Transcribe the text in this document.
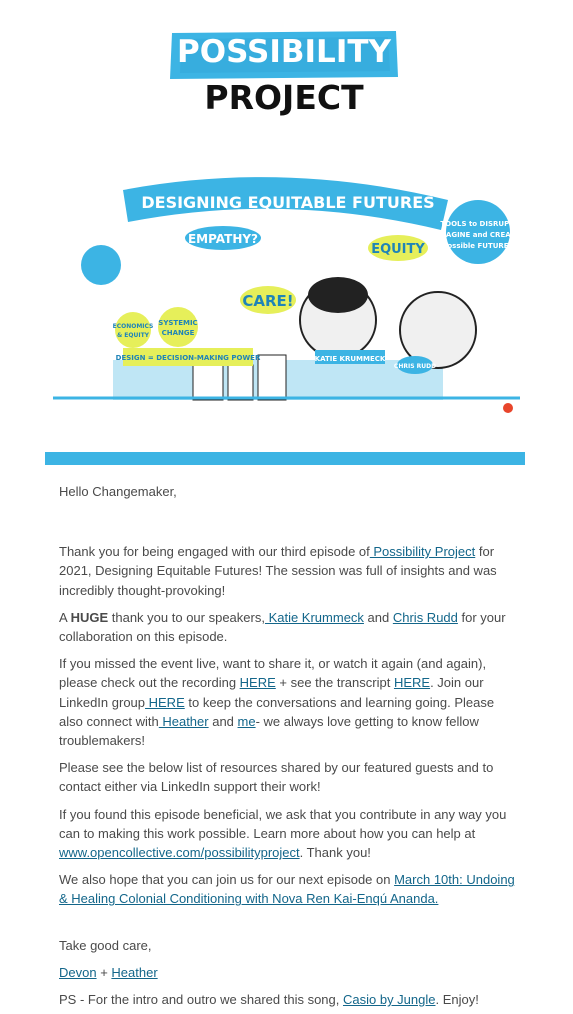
POSSIBILITY
PROJECT
DESIGNING EQUITABLE FUTURES
EMPATHY?
EQUITY
CARE!
TOOLS to DISRUPT,
IMAGINE and CREATE
possible FUTURES
ECONOMICS
& EQUITY
SYSTEMIC
CHANGE
DESIGN = DECISION-MAKING POWER	KATIE KRUMMECK
CHRIS RUDD

Hello Changemaker,

Thank you for being engaged with our third episode of Possibility Project for 2021, Designing Equitable Futures! The session was full of insights and was incredibly thought-provoking!

A HUGE thank you to our speakers, Katie Krummeck and Chris Rudd for your collaboration on this episode.

If you missed the event live, want to share it, or watch it again (and again), please check out the recording HERE + see the transcript HERE. Join our LinkedIn group HERE to keep the conversations and learning going. Please also connect with Heather and me- we always love getting to know fellow troublemakers!

Please see the below list of resources shared by our featured guests and to contact either via LinkedIn support their work!

If you found this episode beneficial, we ask that you contribute in any way you can to making this work possible. Learn more about how you can help at www.opencollective.com/possibilityproject. Thank you!

We also hope that you can join us for our next episode on March 10th: Undoing & Healing Colonial Conditioning with Nova Ren Kai-Enqú Ananda.

Take good care,

Devon + Heather

PS - For the intro and outro we shared this song, Casio by Jungle. Enjoy!
